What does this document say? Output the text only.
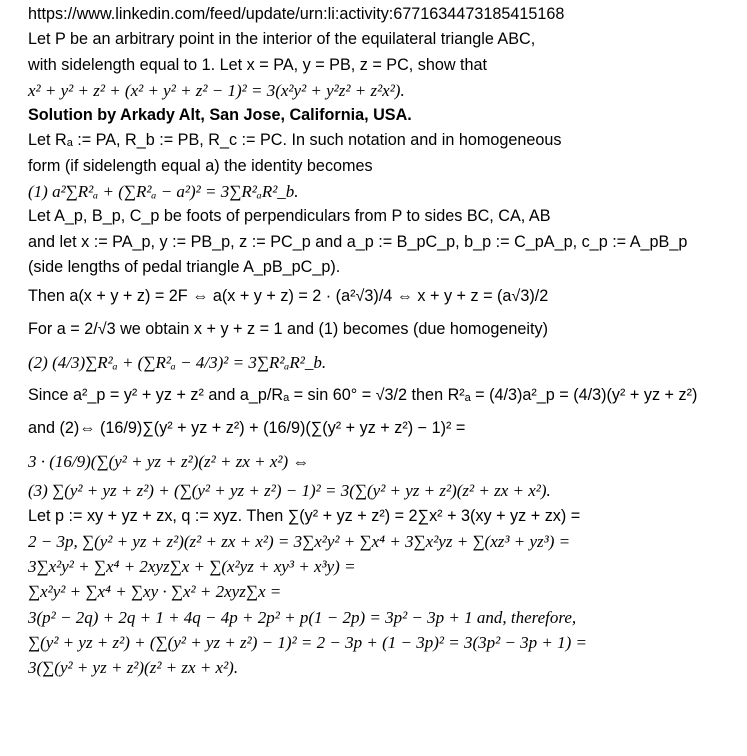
https://www.linkedin.com/feed/update/urn:li:activity:6771634473185415168
Let P be an arbitrary point in the interior of the equilateral triangle ABC,
with sidelength equal to 1. Let x = PA, y = PB, z = PC, show that
x² + y² + z² + (x² + y² + z² − 1)² = 3(x²y² + y²z² + z²x²).
Solution by Arkady Alt, San Jose, California, USA.
Let Rₐ := PA, R_b := PB, R_c := PC. In such notation and in homogeneous
form (if sidelength equal a) the identity becomes
(1) a²∑R²ₐ + (∑R²ₐ − a²)² = 3∑R²ₐR²_b.
Let A_p, B_p, C_p be foots of perpendiculars from P to sides BC, CA, AB
and let x := PA_p, y := PB_p, z := PC_p and a_p := B_pC_p, b_p := C_pA_p, c_p := A_pB_p
(side lengths of pedal triangle A_pB_pC_p).
Then a(x + y + z) = 2F ⇔ a(x + y + z) = 2 · (a²√3)/4 ⇔ x + y + z = (a√3)/2
For a = 2/√3 we obtain x + y + z = 1 and (1) becomes (due homogeneity)
(2) (4/3)∑R²ₐ + (∑R²ₐ − 4/3)² = 3∑R²ₐR²_b.
Since a²_p = y² + yz + z² and a_p/Rₐ = sin 60° = √3/2 then R²ₐ = (4/3)a²_p = (4/3)(y² + yz + z²)
and (2)⇔ (16/9)∑(y² + yz + z²) + (16/9)(∑(y² + yz + z²) − 1)² =
3 · (16/9)(∑(y² + yz + z²)(z² + zx + x²) ⇔
(3) ∑(y² + yz + z²) + (∑(y² + yz + z²) − 1)² = 3(∑(y² + yz + z²)(z² + zx + x²).
Let p := xy + yz + zx, q := xyz. Then ∑(y² + yz + z²) = 2∑x² + 3(xy + yz + zx) =
2 − 3p, ∑(y² + yz + z²)(z² + zx + x²) = 3∑x²y² + ∑x⁴ + 3∑x²yz + ∑(xz³ + yz³) =
3∑x²y² + ∑x⁴ + 2xyz∑x + ∑(x²yz + xy³ + x³y) =
∑x²y² + ∑x⁴ + ∑xy · ∑x² + 2xyz∑x =
3(p² − 2q) + 2q + 1 + 4q − 4p + 2p² + p(1 − 2p) = 3p² − 3p + 1 and, therefore,
∑(y² + yz + z²) + (∑(y² + yz + z²) − 1)² = 2 − 3p + (1 − 3p)² = 3(3p² − 3p + 1) =
3(∑(y² + yz + z²)(z² + zx + x²).
